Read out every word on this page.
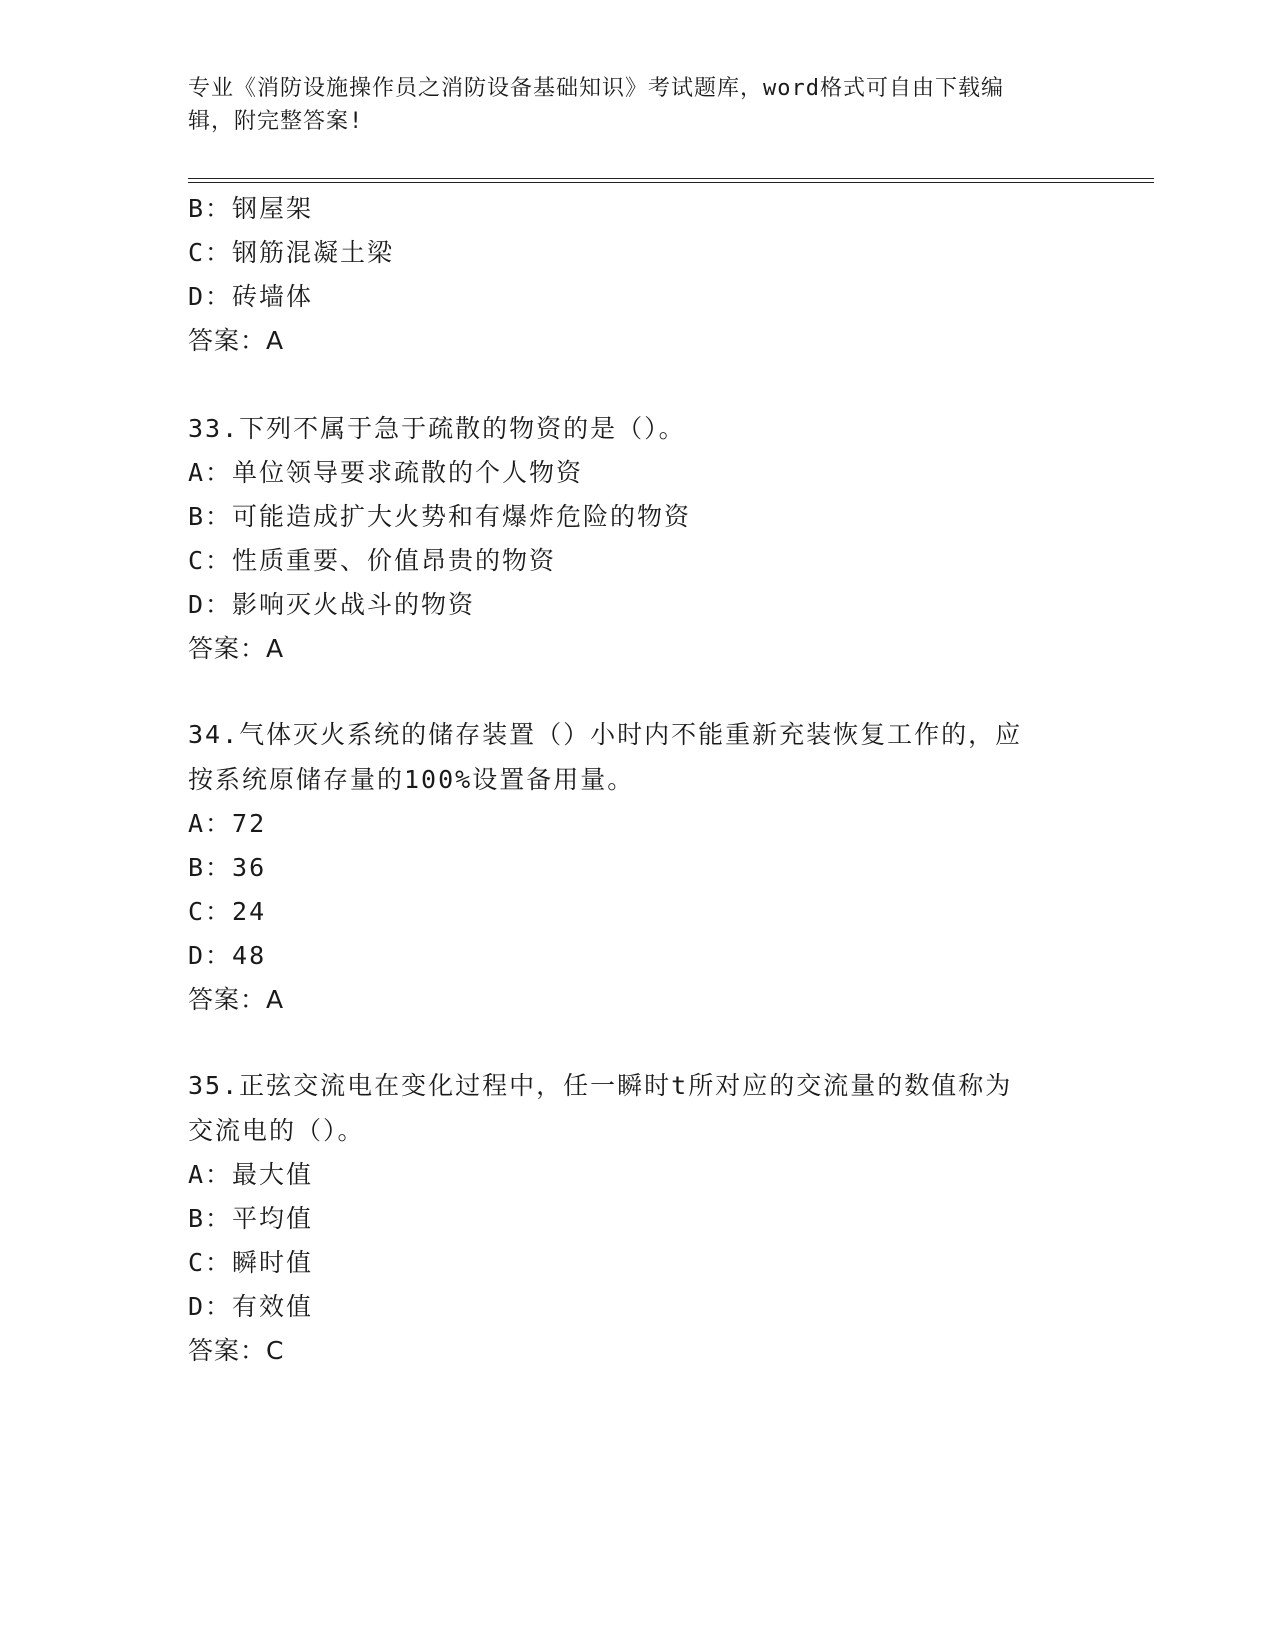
专业《消防设施操作员之消防设备基础知识》考试题库，word格式可自由下载编
辑，附完整答案!
B：钢屋架
C：钢筋混凝土梁
D：砖墙体
答案：A
33.下列不属于急于疏散的物资的是（）。
A：单位领导要求疏散的个人物资
B：可能造成扩大火势和有爆炸危险的物资
C：性质重要、价值昂贵的物资
D：影响灭火战斗的物资
答案：A
34.气体灭火系统的储存装置（）小时内不能重新充装恢复工作的，应
按系统原储存量的100%设置备用量。
A：72
B：36
C：24
D：48
答案：A
35.正弦交流电在变化过程中，任一瞬时t所对应的交流量的数值称为
交流电的（）。
A：最大值
B：平均值
C：瞬时值
D：有效值
答案：C
